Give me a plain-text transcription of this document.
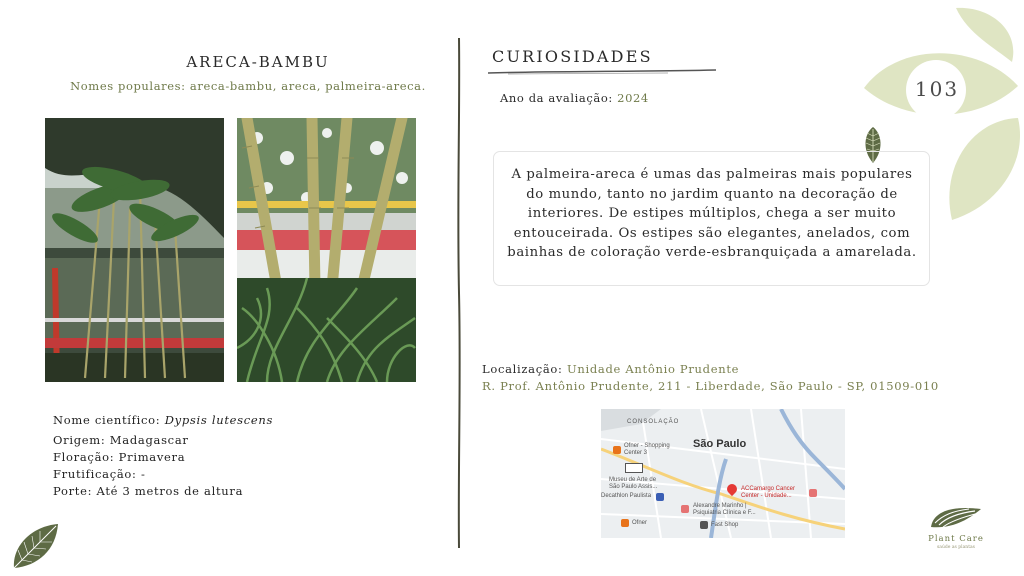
103
ARECA-BAMBU
Nomes populares: areca-bambu, areca, palmeira-areca.
Nome científico: Dypsis lutescens
Origem: Madagascar
Floração: Primavera
Frutificação: -
Porte: Até 3 metros de altura
CURIOSIDADES
Ano da avaliação: 2024
A palmeira-areca é umas das palmeiras mais populares do mundo, tanto no jardim quanto na decoração de interiores. De estipes múltiplos, chega a ser muito entouceirada. Os estipes são elegantes, anelados, com bainhas de coloração verde-esbranquiçada a amarelada.
Localização: Unidade Antônio Prudente
R. Prof. Antônio Prudente, 211 - Liberdade, São Paulo - SP, 01509-010
CONSOLAÇÃO
São Paulo
Ofner - Shopping
Center 3
Museu de Arte de
São Paulo Assis...
Decathlon Paulista
ACCamargo Cancer
Center - Unidade...
Alexandre Marinho |
Psiquiatria Clínica e F...
Ofner	Fast Shop
Plant Care
saúde as plantas
